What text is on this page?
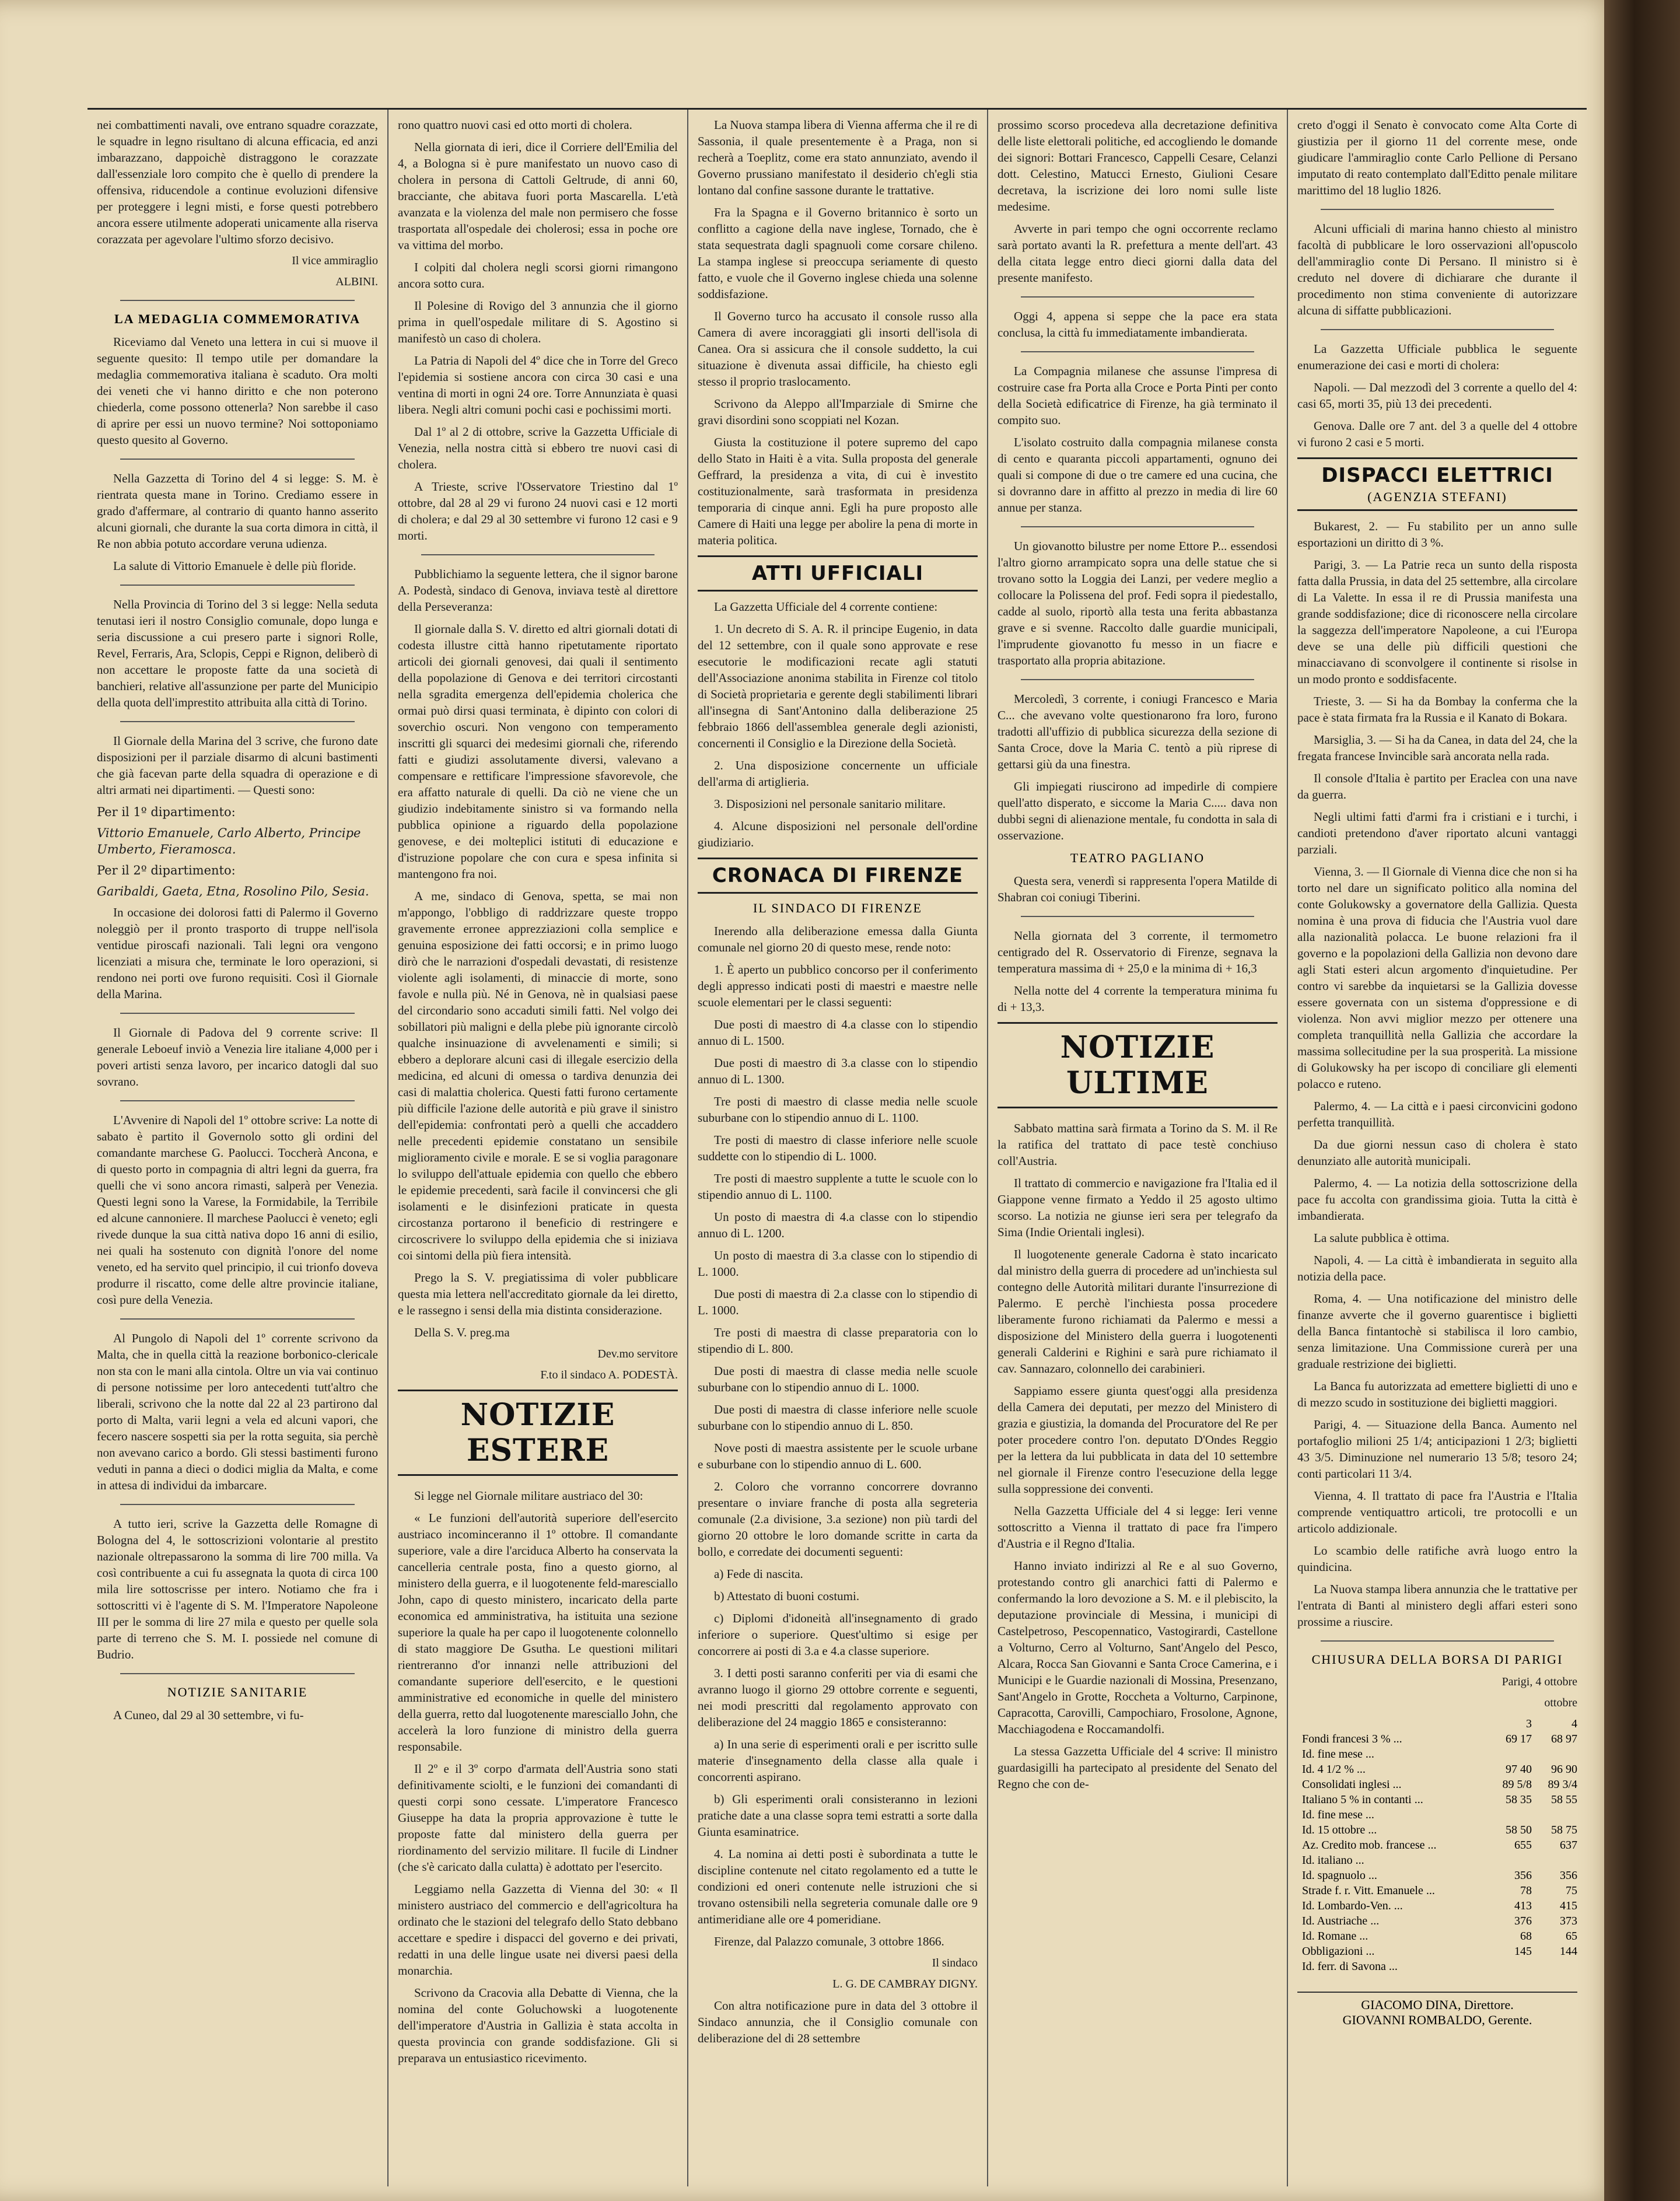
nei combattimenti navali, ove entrano squadre corazzate, le squadre in legno risultano di alcuna efficacia, ed anzi imbarazzano, dappoichè distraggono le corazzate dall'essenziale loro compito che è quello di prendere la offensiva, riducendole a continue evoluzioni difensive per proteggere i legni misti, e forse questi potrebbero ancora essere utilmente adoperati unicamente alla riserva corazzata per agevolare l'ultimo sforzo decisivo.

Il vice ammiraglio
ALBINI.
LA MEDAGLIA COMMEMORATIVA

Riceviamo dal Veneto una lettera in cui si muove il seguente quesito: Il tempo utile per domandare la medaglia commemorativa italiana è scaduto. Ora molti dei veneti che vi hanno diritto e che non poterono chiederla, come possono ottenerla? Non sarebbe il caso di aprire per essi un nuovo termine? Noi sottoponiamo questo quesito al Governo.

Nella Gazzetta di Torino del 4 si legge: S. M. è rientrata questa mane in Torino. Crediamo essere in grado d'affermare, al contrario di quanto hanno asserito alcuni giornali, che durante la sua corta dimora in città, il Re non abbia potuto accordare veruna udienza.

La salute di Vittorio Emanuele è delle più floride.

Nella Provincia di Torino del 3 si legge: Nella seduta tenutasi ieri il nostro Consiglio comunale, dopo lunga e seria discussione a cui presero parte i signori Rolle, Revel, Ferraris, Ara, Sclopis, Ceppi e Rignon, deliberò di non accettare le proposte fatte da una società di banchieri, relative all'assunzione per parte del Municipio della quota dell'imprestito attribuita alla città di Torino.

Il Giornale della Marina del 3 scrive, che furono date disposizioni per il parziale disarmo di alcuni bastimenti che già facevan parte della squadra di operazione e di altri armati nei dipartimenti. — Questi sono:

Per il 1º dipartimento:
Vittorio Emanuele, Carlo Alberto, Principe Umberto, Fieramosca.
Per il 2º dipartimento:
Garibaldi, Gaeta, Etna, Rosolino Pilo, Sesia.

In occasione dei dolorosi fatti di Palermo il Governo noleggiò per il pronto trasporto di truppe nell'isola ventidue piroscafi nazionali. Tali legni ora vengono licenziati a misura che, terminate le loro operazioni, si rendono nei porti ove furono requisiti. Così il Giornale della Marina.

Il Giornale di Padova del 9 corrente scrive: Il generale Leboeuf inviò a Venezia lire italiane 4,000 per i poveri artisti senza lavoro, per incarico datogli dal suo sovrano.

L'Avvenire di Napoli del 1º ottobre scrive: La notte di sabato è partito il Governolo sotto gli ordini del comandante marchese G. Paolucci. Toccherà Ancona, e di questo porto in compagnia di altri legni da guerra, fra quelli che vi sono ancora rimasti, salperà per Venezia. Questi legni sono la Varese, la Formidabile, la Terribile ed alcune cannoniere. Il marchese Paolucci è veneto; egli rivede dunque la sua città nativa dopo 16 anni di esilio, nei quali ha sostenuto con dignità l'onore del nome veneto, ed ha servito quel principio, il cui trionfo doveva produrre il riscatto, come delle altre provincie italiane, così pure della Venezia.

Al Pungolo di Napoli del 1º corrente scrivono da Malta, che in quella città la reazione borbonico-clericale non sta con le mani alla cintola. Oltre un via vai continuo di persone notissime per loro antecedenti tutt'altro che liberali, scrivono che la notte dal 22 al 23 partirono dal porto di Malta, varii legni a vela ed alcuni vapori, che fecero nascere sospetti sia per la rotta seguita, sia perchè non avevano carico a bordo. Gli stessi bastimenti furono veduti in panna a dieci o dodici miglia da Malta, e come in attesa di individui da imbarcare.

A tutto ieri, scrive la Gazzetta delle Romagne di Bologna del 4, le sottoscrizioni volontarie al prestito nazionale oltrepassarono la somma di lire 700 milla. Va così contribuente a cui fu assegnata la quota di circa 100 mila lire sottoscrisse per intero. Notiamo che fra i sottoscritti vi è l'agente di S. M. l'Imperatore Napoleone III per le somma di lire 27 mila e questo per quelle sola parte di terreno che S. M. I. possiede nel comune di Budrio.

NOTIZIE SANITARIE

A Cuneo, dal 29 al 30 settembre, vi fu-

rono quattro nuovi casi ed otto morti di cholera.

Nella giornata di ieri, dice il Corriere dell'Emilia del 4, a Bologna si è pure manifestato un nuovo caso di cholera in persona di Cattoli Geltrude, di anni 60, bracciante, che abitava fuori porta Mascarella. L'età avanzata e la violenza del male non permisero che fosse trasportata all'ospedale dei cholerosi; essa in poche ore va vittima del morbo.

I colpiti dal cholera negli scorsi giorni rimangono ancora sotto cura.

Il Polesine di Rovigo del 3 annunzia che il giorno prima in quell'ospedale militare di S. Agostino si manifestò un caso di cholera.

La Patria di Napoli del 4º dice che in Torre del Greco l'epidemia si sostiene ancora con circa 30 casi e una ventina di morti in ogni 24 ore. Torre Annunziata è quasi libera. Negli altri comuni pochi casi e pochissimi morti.

Dal 1º al 2 di ottobre, scrive la Gazzetta Ufficiale di Venezia, nella nostra città si ebbero tre nuovi casi di cholera.

A Trieste, scrive l'Osservatore Triestino dal 1º ottobre, dal 28 al 29 vi furono 24 nuovi casi e 12 morti di cholera; e dal 29 al 30 settembre vi furono 12 casi e 9 morti.

Pubblichiamo la seguente lettera, che il signor barone A. Podestà, sindaco di Genova, inviava testè al direttore della Perseveranza:

Il giornale dalla S. V. diretto ed altri giornali dotati di codesta illustre città hanno ripetutamente riportato articoli dei giornali genovesi, dai quali il sentimento della popolazione di Genova e dei territori circostanti nella sgradita emergenza dell'epidemia cholerica che ormai può dirsi quasi terminata, è dipinto con colori di soverchio oscuri. Non vengono con temperamento inscritti gli squarci dei medesimi giornali che, riferendo fatti e giudizi assolutamente diversi, valevano a compensare e rettificare l'impressione sfavorevole, che era affatto naturale di quelli. Da ciò ne viene che un giudizio indebitamente sinistro si va formando nella pubblica opinione a riguardo della popolazione genovese, e dei molteplici istituti di educazione e d'istruzione popolare che con cura e spesa infinita si mantengono fra noi.

A me, sindaco di Genova, spetta, se mai non m'appongo, l'obbligo di raddrizzare queste troppo gravemente erronee apprezziazioni colla semplice e genuina esposizione dei fatti occorsi; e in primo luogo dirò che le narrazioni d'ospedali devastati, di resistenze violente agli isolamenti, di minaccie di morte, sono favole e nulla più. Né in Genova, nè in qualsiasi paese del circondario sono accaduti simili fatti. Nel volgo dei sobillatori più maligni e della plebe più ignorante circolò qualche insinuazione di avvelenamenti e simili; si ebbero a deplorare alcuni casi di illegale esercizio della medicina, ed alcuni di omessa o tardiva denunzia dei casi di malattia cholerica. Questi fatti furono certamente più difficile l'azione delle autorità e più grave il sinistro dell'epidemia: confrontati però a quelli che accaddero nelle precedenti epidemie constatano un sensibile miglioramento civile e morale. E se si voglia paragonare lo sviluppo dell'attuale epidemia con quello che ebbero le epidemie precedenti, sarà facile il convincersi che gli isolamenti e le disinfezioni praticate in questa circostanza portarono il beneficio di restringere e circoscrivere lo sviluppo della epidemia che si iniziava coi sintomi della più fiera intensità.

Prego la S. V. pregiatissima di voler pubblicare questa mia lettera nell'accreditato giornale da lei diretto, e le rassegno i sensi della mia distinta considerazione.

Della S. V. preg.ma

Dev.mo servitore
F.to il sindaco A. PODESTÀ.
NOTIZIE ESTERE

Si legge nel Giornale militare austriaco del 30:

« Le funzioni dell'autorità superiore dell'esercito austriaco incominceranno il 1º ottobre. Il comandante superiore, vale a dire l'arciduca Alberto ha conservata la cancelleria centrale posta, fino a questo giorno, al ministero della guerra, e il luogotenente feld-maresciallo John, capo di questo ministero, incaricato della parte economica ed amministrativa, ha istituita una sezione superiore la quale ha per capo il luogotenente colonnello di stato maggiore De Gsutha. Le questioni militari rientreranno d'or innanzi nelle attribuzioni del comandante superiore dell'esercito, e le questioni amministrative ed economiche in quelle del ministero della guerra, retto dal luogotenente maresciallo John, che accelerà la loro funzione di ministro della guerra responsabile.

Il 2º e il 3º corpo d'armata dell'Austria sono stati definitivamente sciolti, e le funzioni dei comandanti di questi corpi sono cessate. L'imperatore Francesco Giuseppe ha data la propria approvazione è tutte le proposte fatte dal ministero della guerra per riordinamento del servizio militare. Il fucile di Lindner (che s'è caricato dalla culatta) è adottato per l'esercito.

Leggiamo nella Gazzetta di Vienna del 30: « Il ministero austriaco del commercio e dell'agricoltura ha ordinato che le stazioni del telegrafo dello Stato debbano accettare e spedire i dispacci del governo e dei privati, redatti in una delle lingue usate nei diversi paesi della monarchia.

Scrivono da Cracovia alla Debatte di Vienna, che la nomina del conte Goluchowski a luogotenente dell'imperatore d'Austria in Gallizia è stata accolta in questa provincia con grande soddisfazione. Gli si preparava un entusiastico ricevimento.

La Nuova stampa libera di Vienna afferma che il re di Sassonia, il quale presentemente è a Praga, non si recherà a Toeplitz, come era stato annunziato, avendo il Governo prussiano manifestato il desiderio ch'egli stia lontano dal confine sassone durante le trattative.

Fra la Spagna e il Governo britannico è sorto un conflitto a cagione della nave inglese, Tornado, che è stata sequestrata dagli spagnuoli come corsare chileno. La stampa inglese si preoccupa seriamente di questo fatto, e vuole che il Governo inglese chieda una solenne soddisfazione.

Il Governo turco ha accusato il console russo alla Camera di avere incoraggiati gli insorti dell'isola di Canea. Ora si assicura che il console suddetto, la cui situazione è divenuta assai difficile, ha chiesto egli stesso il proprio traslocamento.

Scrivono da Aleppo all'Imparziale di Smirne che gravi disordini sono scoppiati nel Kozan.

Giusta la costituzione il potere supremo del capo dello Stato in Haiti è a vita. Sulla proposta del generale Geffrard, la presidenza a vita, di cui è investito costituzionalmente, sarà trasformata in presidenza temporaria di cinque anni. Egli ha pure proposto alle Camere di Haiti una legge per abolire la pena di morte in materia politica.

ATTI UFFICIALI

La Gazzetta Ufficiale del 4 corrente contiene:

1. Un decreto di S. A. R. il principe Eugenio, in data del 12 settembre, con il quale sono approvate e rese esecutorie le modificazioni recate agli statuti dell'Associazione anonima stabilita in Firenze col titolo di Società proprietaria e gerente degli stabilimenti librari all'insegna di Sant'Antonino dalla deliberazione 25 febbraio 1866 dell'assemblea generale degli azionisti, concernenti il Consiglio e la Direzione della Società.

2. Una disposizione concernente un ufficiale dell'arma di artiglieria.

3. Disposizioni nel personale sanitario militare.

4. Alcune disposizioni nel personale dell'ordine giudiziario.

CRONACA DI FIRENZE
IL SINDACO DI FIRENZE

Inerendo alla deliberazione emessa dalla Giunta comunale nel giorno 20 di questo mese, rende noto:

1. È aperto un pubblico concorso per il conferimento degli appresso indicati posti di maestri e maestre nelle scuole elementari per le classi seguenti:

Due posti di maestro di 4.a classe con lo stipendio annuo di L. 1500.

Due posti di maestro di 3.a classe con lo stipendio annuo di L. 1300.

Tre posti di maestro di classe media nelle scuole suburbane con lo stipendio annuo di L. 1100.

Tre posti di maestro di classe inferiore nelle scuole suddette con lo stipendio di L. 1000.

Tre posti di maestro supplente a tutte le scuole con lo stipendio annuo di L. 1100.

Un posto di maestra di 4.a classe con lo stipendio annuo di L. 1200.

Un posto di maestra di 3.a classe con lo stipendio di L. 1000.

Due posti di maestra di 2.a classe con lo stipendio di L. 1000.

Tre posti di maestra di classe preparatoria con lo stipendio di L. 800.

Due posti di maestra di classe media nelle scuole suburbane con lo stipendio annuo di L. 1000.

Due posti di maestra di classe inferiore nelle scuole suburbane con lo stipendio annuo di L. 850.

Nove posti di maestra assistente per le scuole urbane e suburbane con lo stipendio annuo di L. 600.

2. Coloro che vorranno concorrere dovranno presentare o inviare franche di posta alla segreteria comunale (2.a divisione, 3.a sezione) non più tardi del giorno 20 ottobre le loro domande scritte in carta da bollo, e corredate dei documenti seguenti:

a) Fede di nascita.

b) Attestato di buoni costumi.

c) Diplomi d'idoneità all'insegnamento di grado inferiore o superiore. Quest'ultimo si esige per concorrere ai posti di 3.a e 4.a classe superiore.

3. I detti posti saranno conferiti per via di esami che avranno luogo il giorno 29 ottobre corrente e seguenti, nei modi prescritti dal regolamento approvato con deliberazione del 24 maggio 1865 e consisteranno:

a) In una serie di esperimenti orali e per iscritto sulle materie d'insegnamento della classe alla quale i concorrenti aspirano.

b) Gli esperimenti orali consisteranno in lezioni pratiche date a una classe sopra temi estratti a sorte dalla Giunta esaminatrice.

4. La nomina ai detti posti è subordinata a tutte le discipline contenute nel citato regolamento ed a tutte le condizioni ed oneri contenute nelle istruzioni che si trovano ostensibili nella segreteria comunale dalle ore 9 antimeridiane alle ore 4 pomeridiane.

Firenze, dal Palazzo comunale, 3 ottobre 1866.

Il sindaco
L. G. DE CAMBRAY DIGNY.

Con altra notificazione pure in data del 3 ottobre il Sindaco annunzia, che il Consiglio comunale con deliberazione del di 28 settembre

prossimo scorso procedeva alla decretazione definitiva delle liste elettorali politiche, ed accogliendo le domande dei signori: Bottari Francesco, Cappelli Cesare, Celanzi dott. Celestino, Matucci Ernesto, Giulioni Cesare decretava, la iscrizione dei loro nomi sulle liste medesime.

Avverte in pari tempo che ogni occorrente reclamo sarà portato avanti la R. prefettura a mente dell'art. 43 della citata legge entro dieci giorni dalla data del presente manifesto.

Oggi 4, appena si seppe che la pace era stata conclusa, la città fu immediatamente imbandierata.

La Compagnia milanese che assunse l'impresa di costruire case fra Porta alla Croce e Porta Pinti per conto della Società edificatrice di Firenze, ha già terminato il compito suo.

L'isolato costruito dalla compagnia milanese consta di cento e quaranta piccoli appartamenti, ognuno dei quali si compone di due o tre camere ed una cucina, che si dovranno dare in affitto al prezzo in media di lire 60 annue per stanza.

Un giovanotto bilustre per nome Ettore P... essendosi l'altro giorno arrampicato sopra una delle statue che si trovano sotto la Loggia dei Lanzi, per vedere meglio a collocare la Polissena del prof. Fedi sopra il piedestallo, cadde al suolo, riportò alla testa una ferita abbastanza grave e si svenne. Raccolto dalle guardie municipali, l'imprudente giovanotto fu messo in un fiacre e trasportato alla propria abitazione.

Mercoledì, 3 corrente, i coniugi Francesco e Maria C... che avevano volte questionarono fra loro, furono tradotti all'uffizio di pubblica sicurezza della sezione di Santa Croce, dove la Maria C. tentò a più riprese di gettarsi giù da una finestra.

Gli impiegati riuscirono ad impedirle di compiere quell'atto disperato, e siccome la Maria C..... dava non dubbi segni di alienazione mentale, fu condotta in sala di osservazione.

TEATRO PAGLIANO

Questa sera, venerdì si rappresenta l'opera Matilde di Shabran coi coniugi Tiberini.

Nella giornata del 3 corrente, il termometro centigrado del R. Osservatorio di Firenze, segnava la temperatura massima di + 25,0 e la minima di + 16,3

Nella notte del 4 corrente la temperatura minima fu di + 13,3.

NOTIZIE ULTIME

Sabbato mattina sarà firmata a Torino da S. M. il Re la ratifica del trattato di pace testè conchiuso coll'Austria.

Il trattato di commercio e navigazione fra l'Italia ed il Giappone venne firmato a Yeddo il 25 agosto ultimo scorso. La notizia ne giunse ieri sera per telegrafo da Sima (Indie Orientali inglesi).

Il luogotenente generale Cadorna è stato incaricato dal ministro della guerra di procedere ad un'inchiesta sul contegno delle Autorità militari durante l'insurrezione di Palermo. E perchè l'inchiesta possa procedere liberamente furono richiamati da Palermo e messi a disposizione del Ministero della guerra i luogotenenti generali Calderini e Righini e sarà pure richiamato il cav. Sannazaro, colonnello dei carabinieri.

Sappiamo essere giunta quest'oggi alla presidenza della Camera dei deputati, per mezzo del Ministero di grazia e giustizia, la domanda del Procuratore del Re per poter procedere contro l'on. deputato D'Ondes Reggio per la lettera da lui pubblicata in data del 10 settembre nel giornale il Firenze contro l'esecuzione della legge sulla soppressione dei conventi.

Nella Gazzetta Ufficiale del 4 si legge: Ieri venne sottoscritto a Vienna il trattato di pace fra l'impero d'Austria e il Regno d'Italia.

Hanno inviato indirizzi al Re e al suo Governo, protestando contro gli anarchici fatti di Palermo e confermando la loro devozione a S. M. e il plebiscito, la deputazione provinciale di Messina, i municipi di Castelpetroso, Pescopennatico, Vastogirardi, Castellone a Volturno, Cerro al Volturno, Sant'Angelo del Pesco, Alcara, Rocca San Giovanni e Santa Croce Camerina, e i Municipi e le Guardie nazionali di Mossina, Presenzano, Sant'Angelo in Grotte, Roccheta a Volturno, Carpinone, Capracotta, Carovilli, Campochiaro, Frosolone, Agnone, Macchiagodena e Roccamandolfi.

La stessa Gazzetta Ufficiale del 4 scrive: Il ministro guardasigilli ha partecipato al presidente del Senato del Regno che con de-

creto d'oggi il Senato è convocato come Alta Corte di giustizia per il giorno 11 del corrente mese, onde giudicare l'ammiraglio conte Carlo Pellione di Persano imputato di reato contemplato dall'Editto penale militare marittimo del 18 luglio 1826.

Alcuni ufficiali di marina hanno chiesto al ministro facoltà di pubblicare le loro osservazioni all'opuscolo dell'ammiraglio conte Di Persano. Il ministro si è creduto nel dovere di dichiarare che durante il procedimento non stima conveniente di autorizzare alcuna di siffatte pubblicazioni.

La Gazzetta Ufficiale pubblica le seguente enumerazione dei casi e morti di cholera:

Napoli. — Dal mezzodì del 3 corrente a quello del 4: casi 65, morti 35, più 13 dei precedenti.

Genova. Dalle ore 7 ant. del 3 a quelle del 4 ottobre vi furono 2 casi e 5 morti.

DISPACCI ELETTRICI
(AGENZIA STEFANI)

Bukarest, 2. — Fu stabilito per un anno sulle esportazioni un diritto di 3 %.

Parigi, 3. — La Patrie reca un sunto della risposta fatta dalla Prussia, in data del 25 settembre, alla circolare di La Valette. In essa il re di Prussia manifesta una grande soddisfazione; dice di riconoscere nella circolare la saggezza dell'imperatore Napoleone, a cui l'Europa deve se una delle più difficili questioni che minacciavano di sconvolgere il continente si risolse in un modo pronto e soddisfacente.

Trieste, 3. — Si ha da Bombay la conferma che la pace è stata firmata fra la Russia e il Kanato di Bokara.

Marsiglia, 3. — Si ha da Canea, in data del 24, che la fregata francese Invincible sarà ancorata nella rada.

Il console d'Italia è partito per Eraclea con una nave da guerra.

Negli ultimi fatti d'armi fra i cristiani e i turchi, i candioti pretendono d'aver riportato alcuni vantaggi parziali.

Vienna, 3. — Il Giornale di Vienna dice che non si ha torto nel dare un significato politico alla nomina del conte Golukowsky a governatore della Gallizia. Questa nomina è una prova di fiducia che l'Austria vuol dare alla nazionalità polacca. Le buone relazioni fra il governo e la popolazioni della Gallizia non devono dare agli Stati esteri alcun argomento d'inquietudine. Per contro vi sarebbe da inquietarsi se la Gallizia dovesse essere governata con un sistema d'oppressione e di violenza. Non avvi miglior mezzo per ottenere una completa tranquillità nella Gallizia che accordare la massima sollecitudine per la sua prosperità. La missione di Golukowsky ha per iscopo di conciliare gli elementi polacco e ruteno.

Palermo, 4. — La città e i paesi circonvicini godono perfetta tranquillità.

Da due giorni nessun caso di cholera è stato denunziato alle autorità municipali.

Palermo, 4. — La notizia della sottoscrizione della pace fu accolta con grandissima gioia. Tutta la città è imbandierata.

La salute pubblica è ottima.

Napoli, 4. — La città è imbandierata in seguito alla notizia della pace.

Roma, 4. — Una notificazione del ministro delle finanze avverte che il governo guarentisce i biglietti della Banca fintantochè si stabilisca il loro cambio, senza limitazione. Una Commissione curerà per una graduale restrizione dei biglietti.

La Banca fu autorizzata ad emettere biglietti di uno e di mezzo scudo in sostituzione dei biglietti maggiori.

Parigi, 4. — Situazione della Banca. Aumento nel portafoglio milioni 25 1/4; anticipazioni 1 2/3; biglietti 43 3/5. Diminuzione nel numerario 13 5/8; tesoro 24; conti particolari 11 3/4.

Vienna, 4. Il trattato di pace fra l'Austria e l'Italia comprende ventiquattro articoli, tre protocolli e un articolo addizionale.

Lo scambio delle ratifiche avrà luogo entro la quindicina.

La Nuova stampa libera annunzia che le trattative per l'entrata di Banti al ministero degli affari esteri sono prossime a riuscire.

CHIUSURA DELLA BORSA DI PARIGI
Parigi, 4 ottobre
ottobre
3	4
Fondi francesi 3 % ...	69 17	68 97
Id. fine mese ...
Id. 4 1/2 % ...	97 40	96 90
Consolidati inglesi ...	89 5/8	89 3/4
Italiano 5 % in contanti ...	58 35	58 55
Id. fine mese ...
Id. 15 ottobre ...	58 50	58 75
Az. Credito mob. francese ...	655	637
Id. italiano ...
Id. spagnuolo ...	356	356
Strade f. r. Vitt. Emanuele ...	78	75
Id. Lombardo-Ven. ...	413	415
Id. Austriache ...	376	373
Id. Romane ...	68	65
Obbligazioni ...	145	144
Id. ferr. di Savona ...
GIACOMO DINA, Direttore.
GIOVANNI ROMBALDO, Gerente.
